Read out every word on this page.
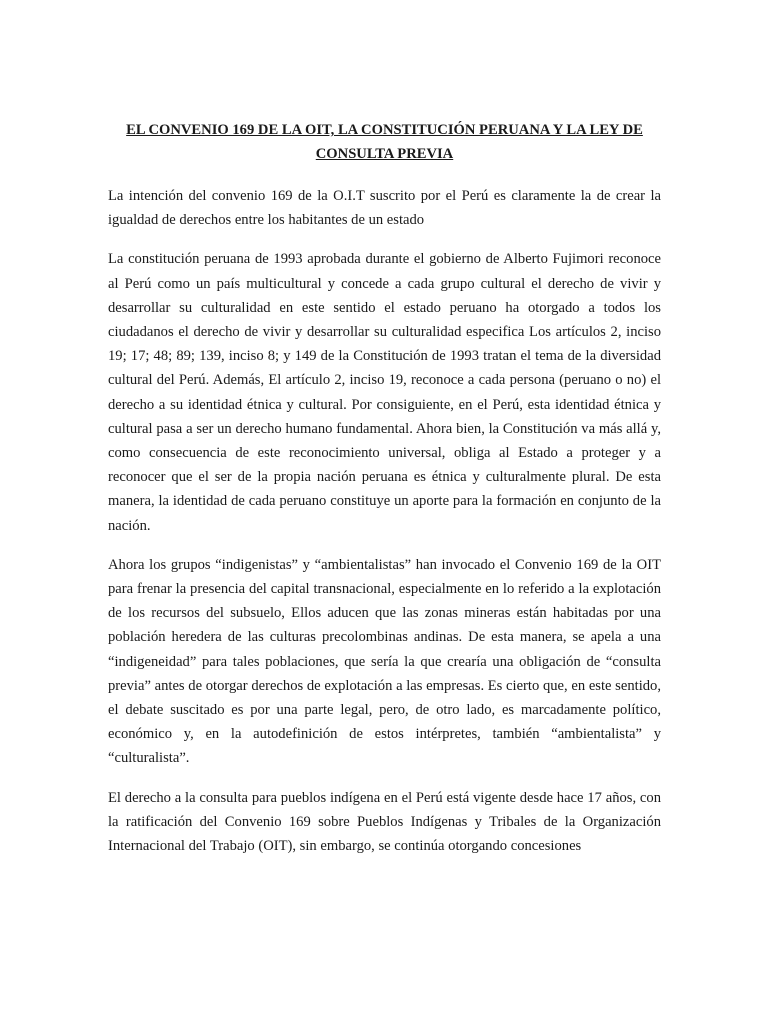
EL CONVENIO 169 DE LA OIT, LA CONSTITUCIÓN PERUANA Y LA LEY DE CONSULTA PREVIA

La intención del convenio 169 de la O.I.T suscrito por el Perú es claramente la de crear la igualdad de derechos entre los habitantes de un estado

La constitución peruana de 1993 aprobada durante el gobierno de Alberto Fujimori reconoce al Perú como un país multicultural y concede a cada grupo cultural el derecho de vivir y desarrollar su culturalidad en este sentido el estado peruano ha otorgado a todos los ciudadanos el derecho de vivir y desarrollar su culturalidad especifica Los artículos 2, inciso 19; 17; 48; 89; 139, inciso 8; y 149 de la Constitución de 1993 tratan el tema de la diversidad cultural del Perú. Además, El artículo 2, inciso 19, reconoce a cada persona (peruano o no) el derecho a su identidad étnica y cultural. Por consiguiente, en el Perú, esta identidad étnica y cultural pasa a ser un derecho humano fundamental. Ahora bien, la Constitución va más allá y, como consecuencia de este reconocimiento universal, obliga al Estado a proteger y a reconocer que el ser de la propia nación peruana es étnica y culturalmente plural. De esta manera, la identidad de cada peruano constituye un aporte para la formación en conjunto de la nación.

Ahora los grupos “indigenistas” y “ambientalistas” han invocado el Convenio 169 de la OIT para frenar la presencia del capital transnacional, especialmente en lo referido a la explotación de los recursos del subsuelo, Ellos aducen que las zonas mineras están habitadas por una población heredera de las culturas precolombinas andinas. De esta manera, se apela a una “indigeneidad” para tales poblaciones, que sería la que crearía una obligación de “consulta previa” antes de otorgar derechos de explotación a las empresas. Es cierto que, en este sentido, el debate suscitado es por una parte legal, pero, de otro lado, es marcadamente político, económico y, en la autodefinición de estos intérpretes, también “ambientalista” y “culturalista”.

El derecho a la consulta para pueblos indígena en el Perú está vigente desde hace 17 años, con la ratificación del Convenio 169 sobre Pueblos Indígenas y Tribales de la Organización Internacional del Trabajo (OIT), sin embargo, se continúa otorgando concesiones
